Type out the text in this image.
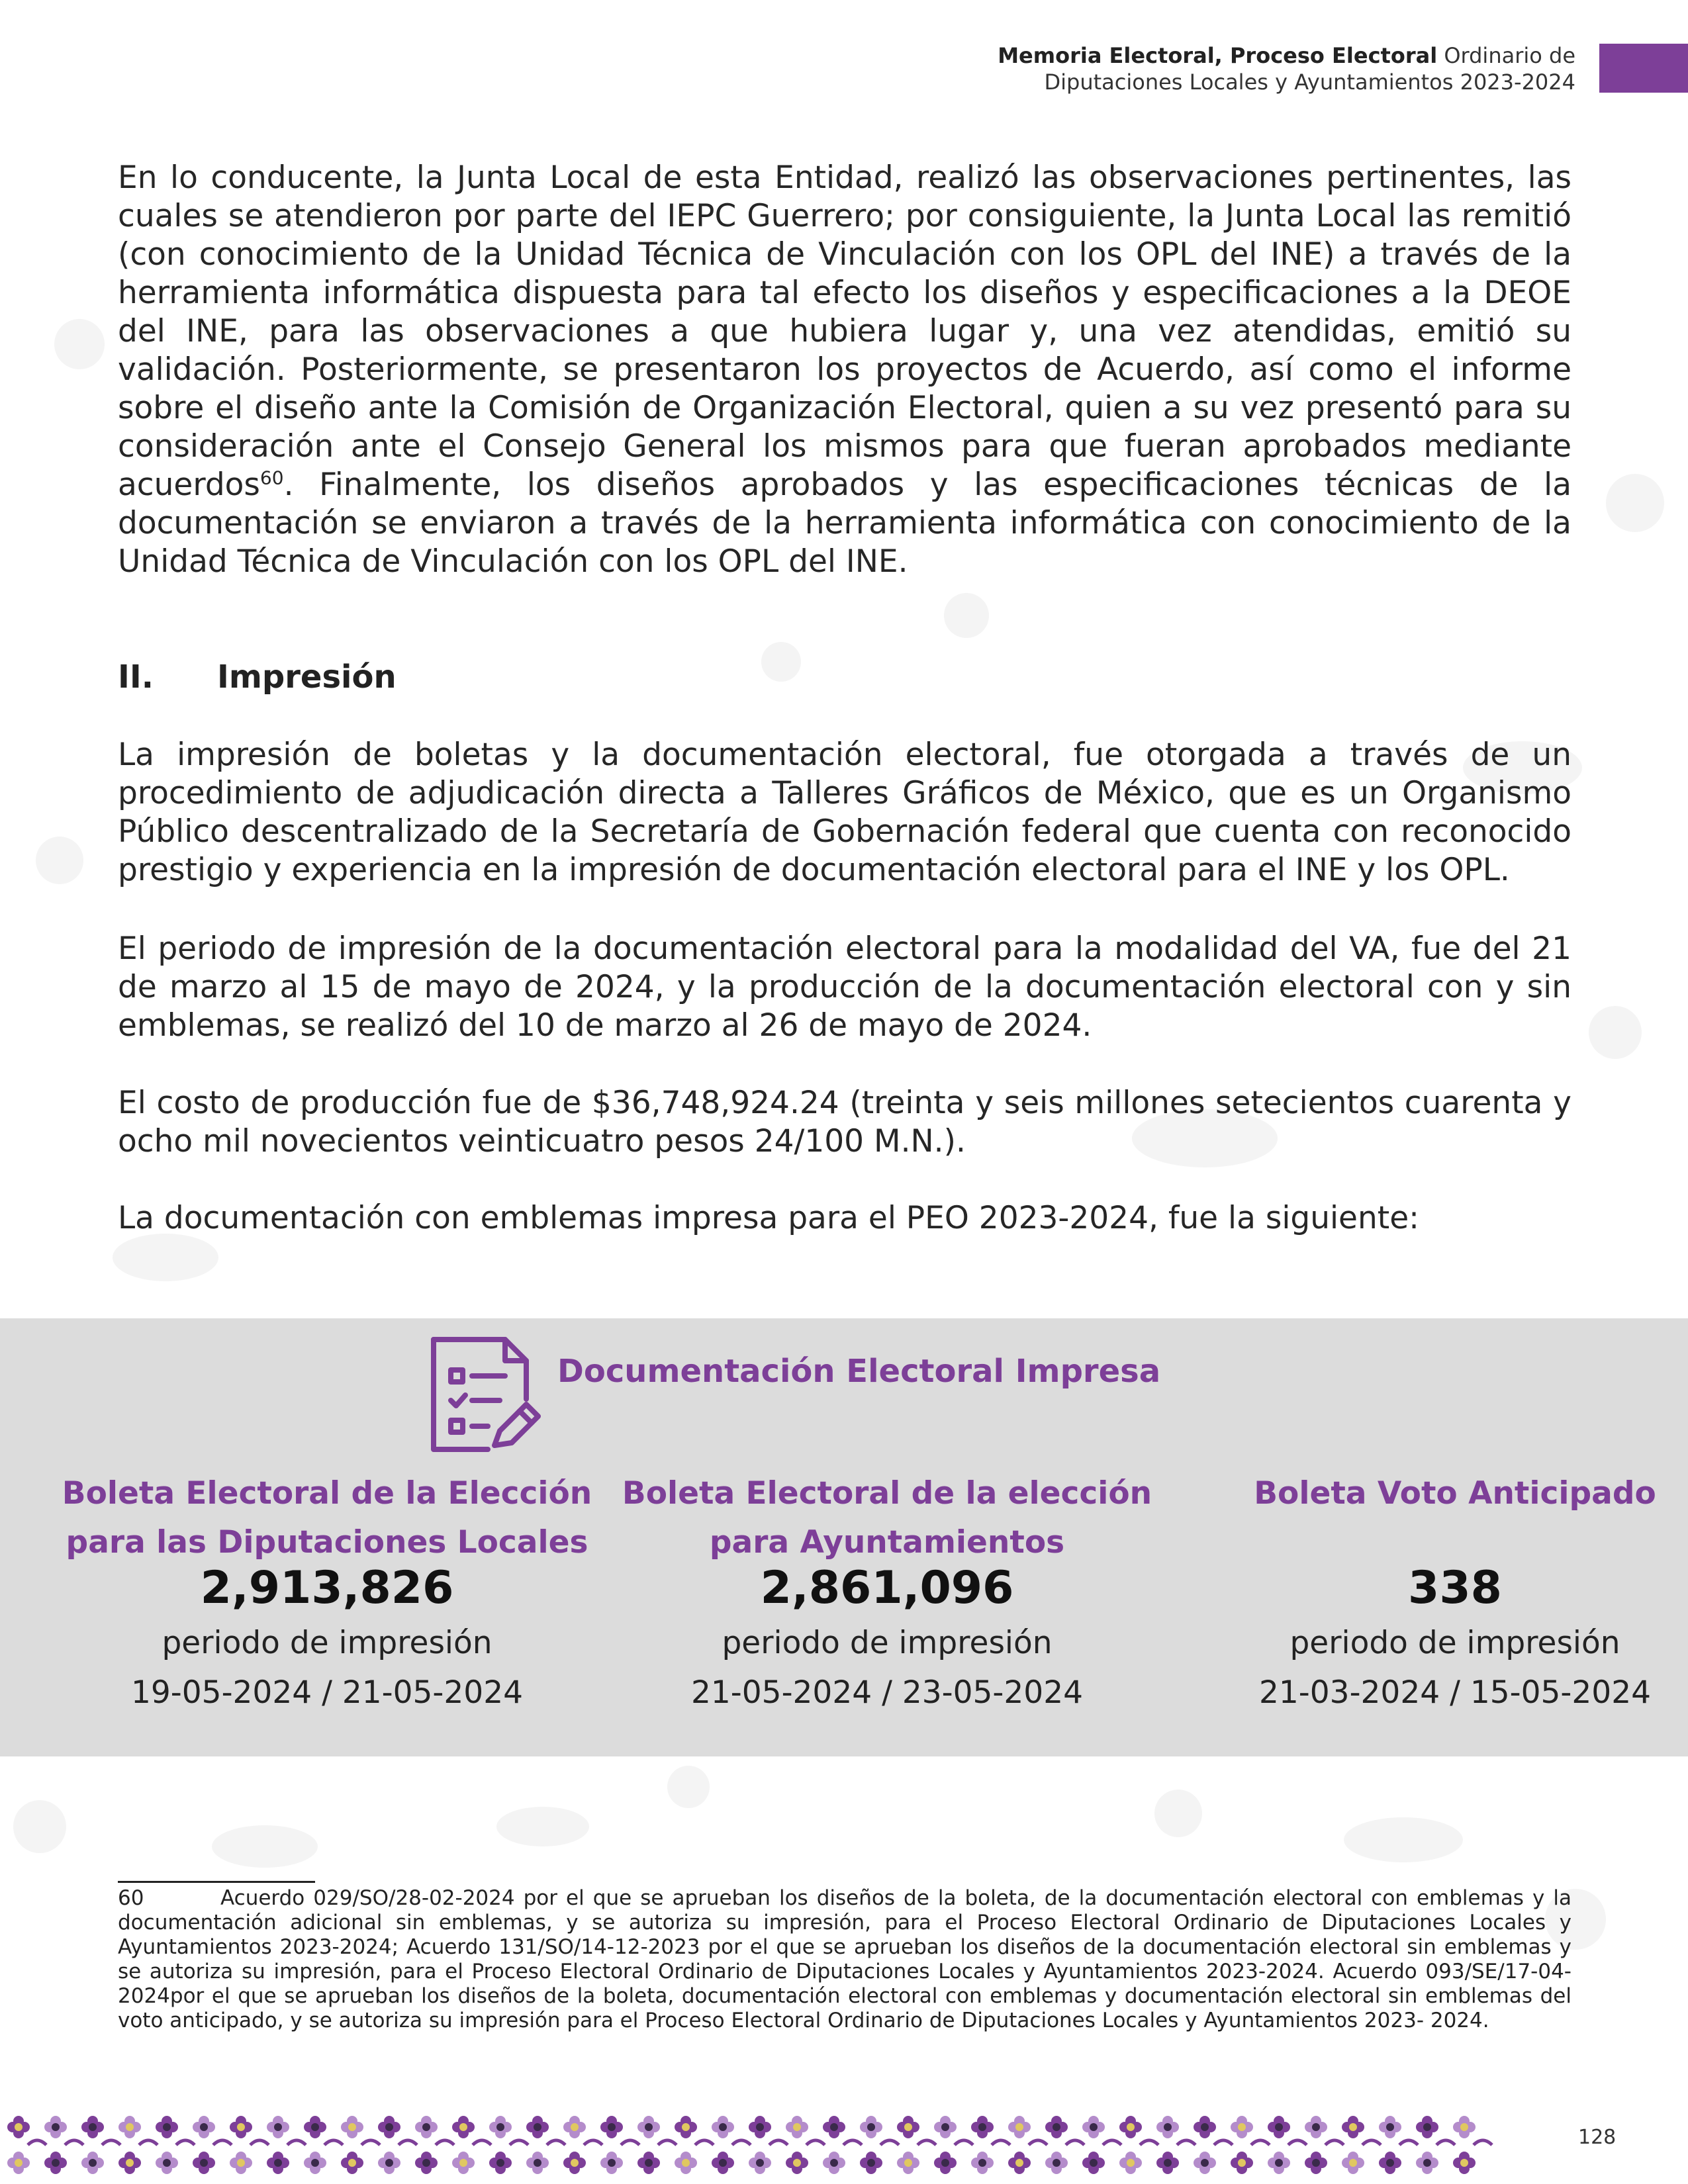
Memoria Electoral, Proceso Electoral Ordinario de
Diputaciones Locales y Ayuntamientos 2023-2024

En lo conducente, la Junta Local de esta Entidad, realizó las observaciones pertinentes, las cuales se atendieron por parte del IEPC Guerrero; por consiguiente, la Junta Local las remitió (con conocimiento de la Unidad Técnica de Vinculación con los OPL del INE) a través de la herramienta informática dispuesta para tal efecto los diseños y especificaciones a la DEOE del INE, para las observaciones a que hubiera lugar y, una vez atendidas, emitió su validación. Posteriormente, se presentaron los proyectos de Acuerdo, así como el informe sobre el diseño ante la Comisión de Organización Electoral, quien a su vez presentó para su consideración ante el Consejo General los mismos para que fueran aprobados mediante acuerdos$^{60}$. Finalmente, los diseños aprobados y las especificaciones técnicas de la documentación se enviaron a través de la herramienta informática con conocimiento de la Unidad Técnica de Vinculación con los OPL del INE.

II. Impresión

La impresión de boletas y la documentación electoral, fue otorgada a través de un procedimiento de adjudicación directa a Talleres Gráficos de México, que es un Organismo Público descentralizado de la Secretaría de Gobernación federal que cuenta con reconocido prestigio y experiencia en la impresión de documentación electoral para el INE y los OPL.

El periodo de impresión de la documentación electoral para la modalidad del VA, fue del 21 de marzo al 15 de mayo de 2024, y la producción de la documentación electoral con y sin emblemas, se realizó del 10 de marzo al 26 de mayo de 2024.

El costo de producción fue de $36,748,924.24 (treinta y seis millones setecientos cuarenta y ocho mil novecientos veinticuatro pesos 24/100 M.N.).

La documentación con emblemas impresa para el PEO 2023-2024, fue la siguiente:

Documentación Electoral Impresa
Boleta Electoral de la Elección
para las Diputaciones Locales
2,913,826
periodo de impresión
19-05-2024 / 21-05-2024
Boleta Electoral de la elección
para Ayuntamientos
2,861,096
periodo de impresión
21-05-2024 / 23-05-2024
Boleta Voto Anticipado
338
periodo de impresión
21-03-2024 / 15-05-2024

60	Acuerdo 029/SO/28-02-2024 por el que se aprueban los diseños de la boleta, de la documentación electoral con emblemas y la documentación adicional sin emblemas, y se autoriza su impresión, para el Proceso Electoral Ordinario de Diputaciones Locales y Ayuntamientos 2023-2024; Acuerdo 131/SO/14-12-2023 por el que se aprueban los diseños de la documentación electoral sin emblemas y se autoriza su impresión, para el Proceso Electoral Ordinario de Diputaciones Locales y Ayuntamientos 2023-2024. Acuerdo 093/SE/17-04-2024por el que se aprueban los diseños de la boleta, documentación electoral con emblemas y documentación electoral sin emblemas del voto anticipado, y se autoriza su impresión para el Proceso Electoral Ordinario de Diputaciones Locales y Ayuntamientos 2023- 2024.

128
